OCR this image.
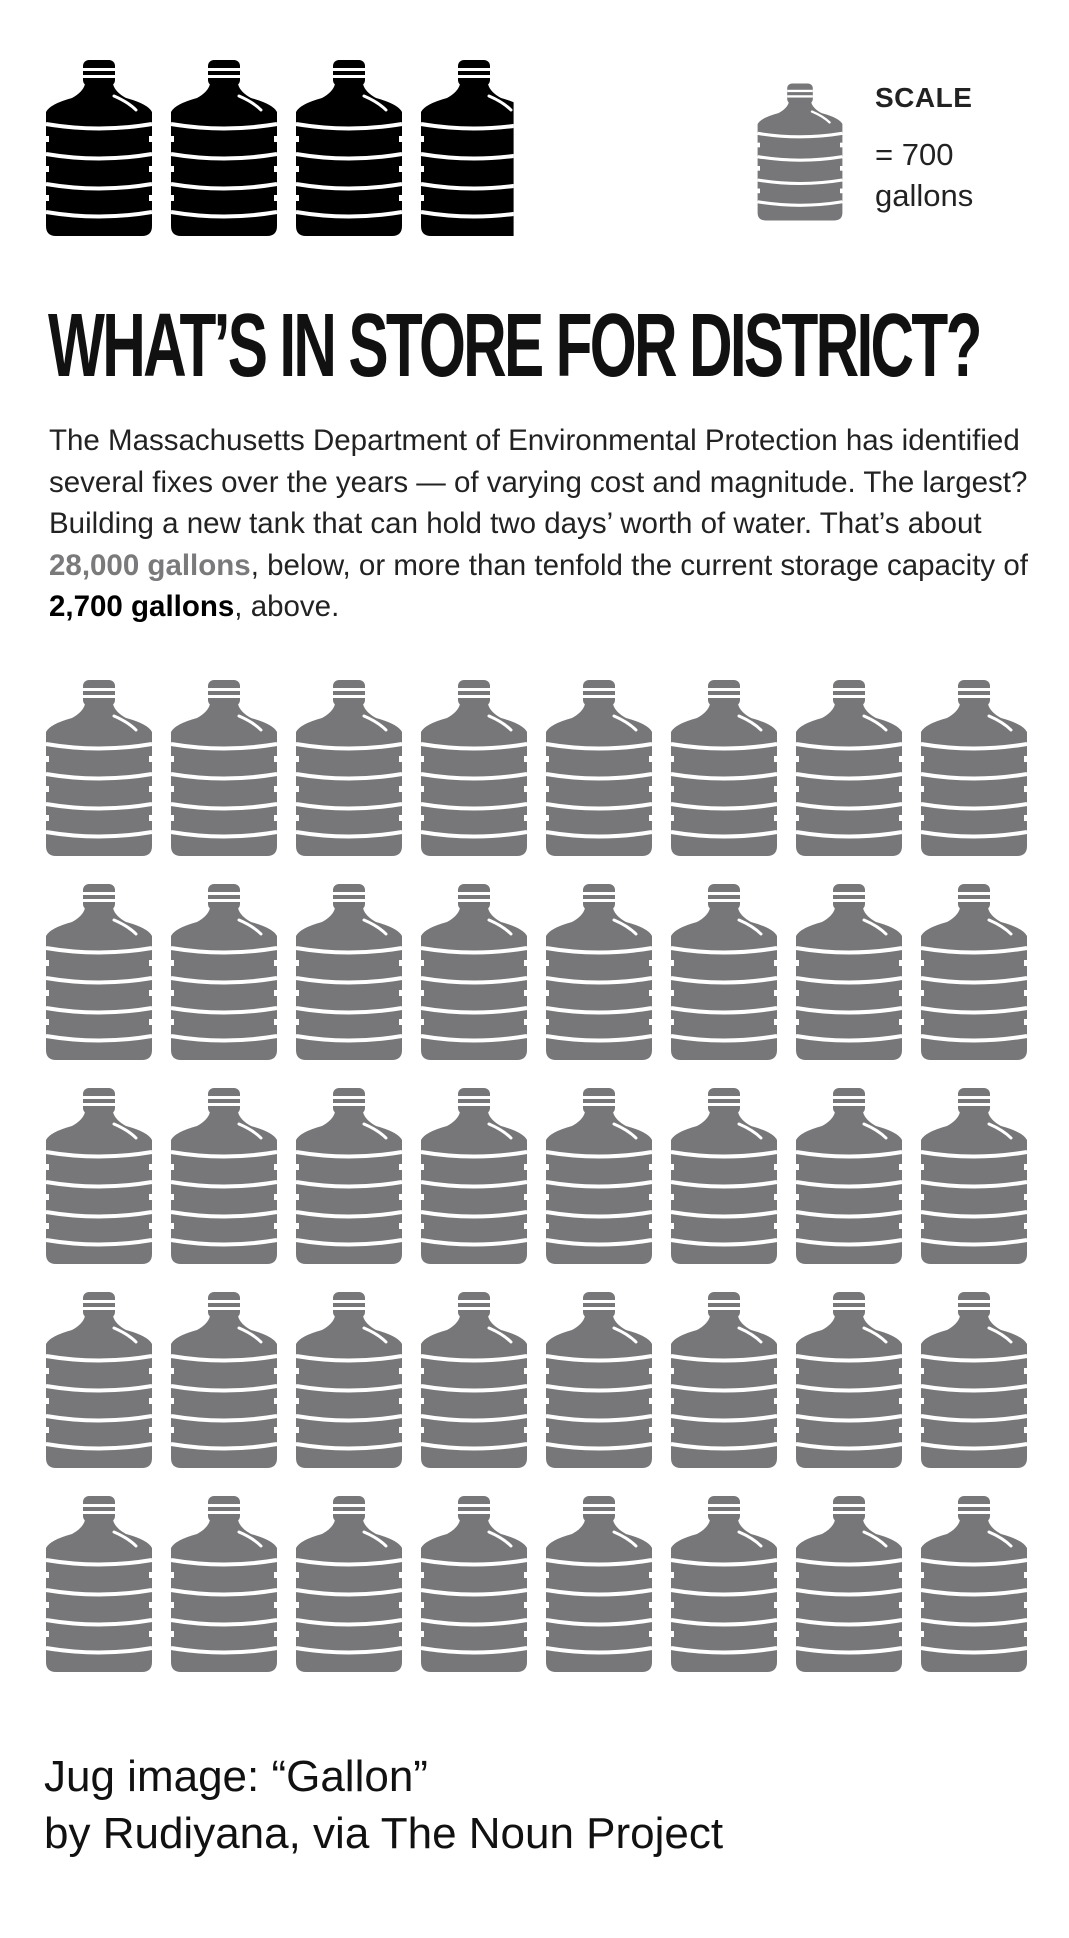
SCALE
= 700
gallons
WHAT’S IN STORE FOR DISTRICT?
The Massachusetts Department of Environmental Protection has identified several fixes over the years — of varying cost and magnitude. The largest? Building a new tank that can hold two days’ worth of water. That’s about 28,000 gallons, below, or more than tenfold the current storage capacity of 2,700 gallons, above.
Jug image: “Gallon”
by Rudiyana, via The Noun Project
